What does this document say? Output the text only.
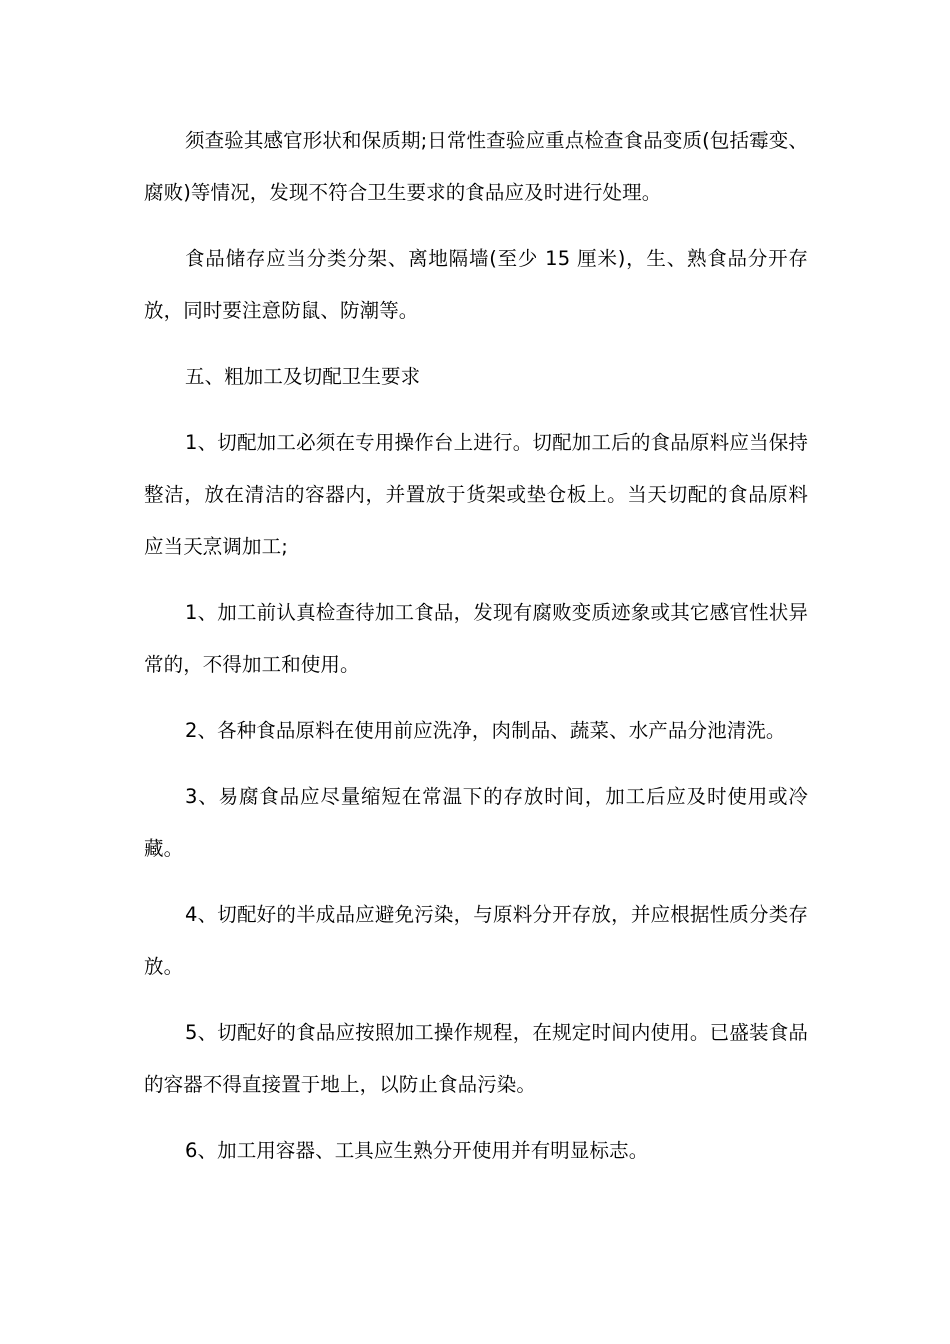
须查验其感官形状和保质期;日常性查验应重点检查食品变质(包括霉变、腐败)等情况，发现不符合卫生要求的食品应及时进行处理。

食品储存应当分类分架、离地隔墙(至少 15 厘米)，生、熟食品分开存放，同时要注意防鼠、防潮等。

五、粗加工及切配卫生要求

1、切配加工必须在专用操作台上进行。切配加工后的食品原料应当保持整洁，放在清洁的容器内，并置放于货架或垫仓板上。当天切配的食品原料应当天烹调加工;

1、加工前认真检查待加工食品，发现有腐败变质迹象或其它感官性状异常的，不得加工和使用。

2、各种食品原料在使用前应洗净，肉制品、蔬菜、水产品分池清洗。

3、易腐食品应尽量缩短在常温下的存放时间，加工后应及时使用或冷藏。

4、切配好的半成品应避免污染，与原料分开存放，并应根据性质分类存放。

5、切配好的食品应按照加工操作规程，在规定时间内使用。已盛装食品的容器不得直接置于地上，以防止食品污染。

6、加工用容器、工具应生熟分开使用并有明显标志。
